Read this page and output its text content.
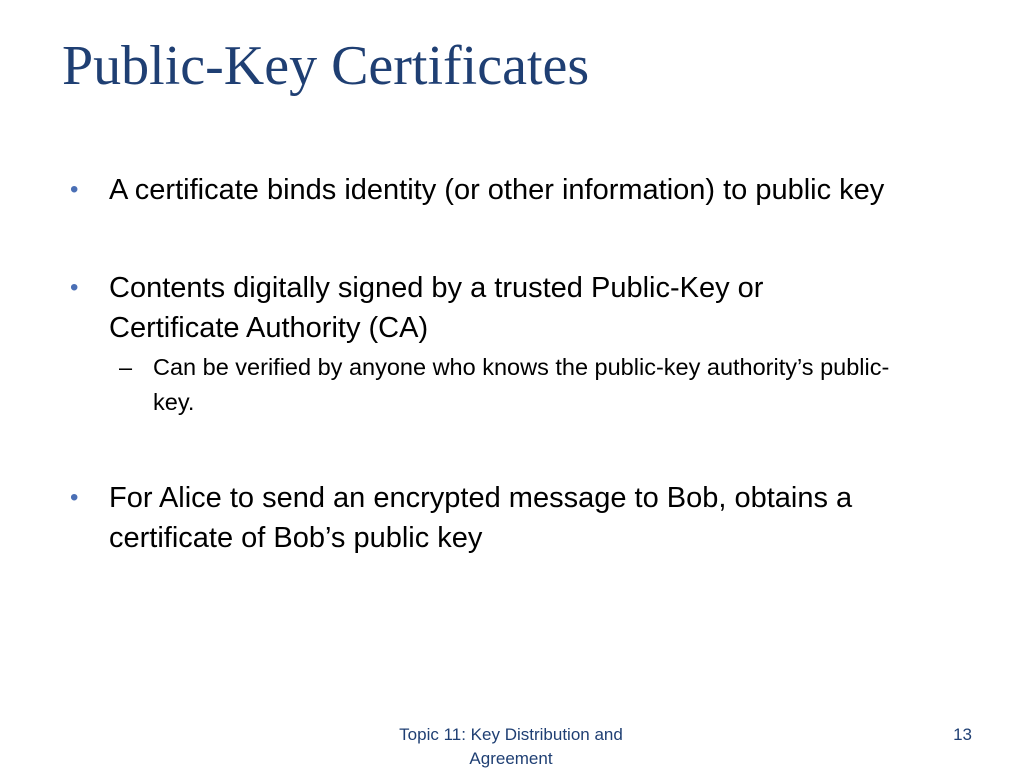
Public-Key Certificates
•	A certificate binds identity (or other information) to public key
•	Contents digitally signed by a trusted Public-Key or Certificate Authority (CA)
– Can be verified by anyone who knows the public-key authority’s public-key.
•	For Alice to send an encrypted message to Bob, obtains a certificate of Bob’s public key
Topic 11: Key Distribution and Agreement
13
